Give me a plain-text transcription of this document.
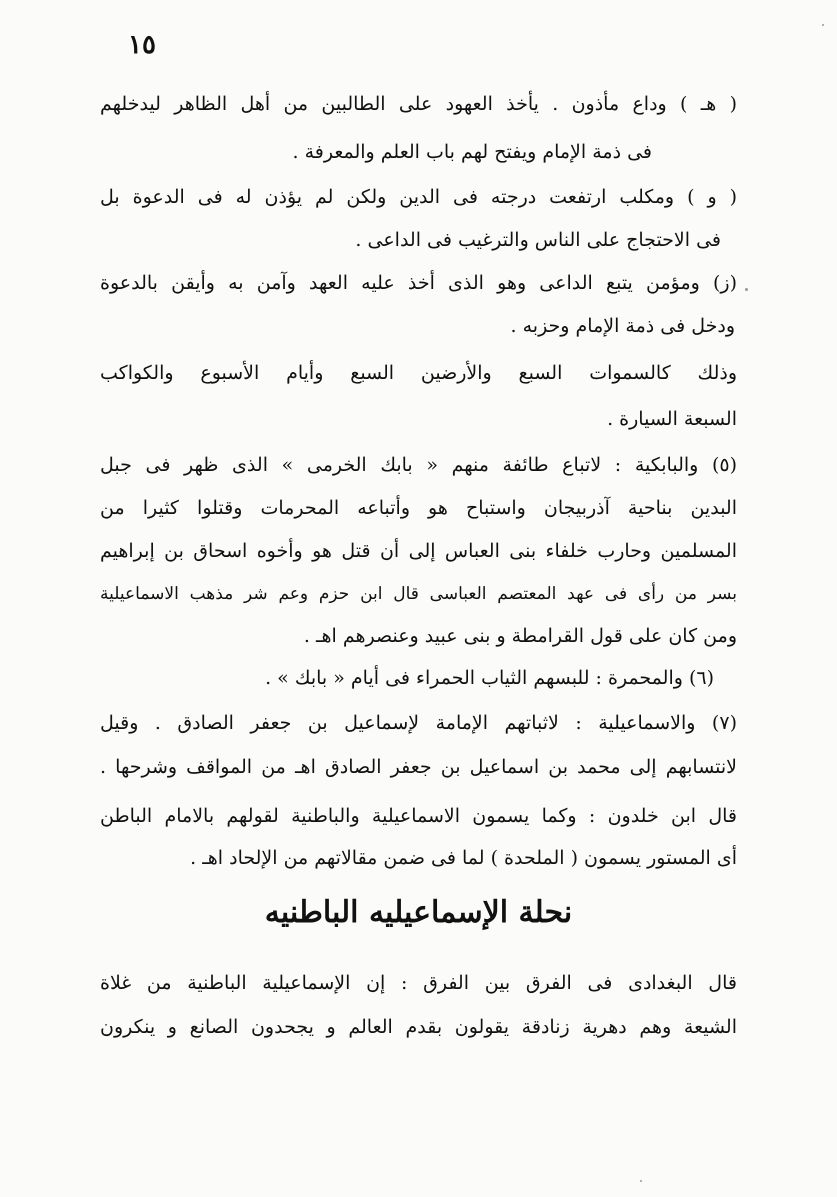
١٥
( هـ ) وداع مأذون . يأخذ العهود على الطالبين من أهل الظاهر ليدخلهم
فى ذمة الإمام ويفتح لهم باب العلم والمعرفة .
( و ) ومكلب ارتفعت درجته فى الدين ولكن لم يؤذن له فى الدعوة بل
فى الاحتجاج على الناس والترغيب فى الداعى .
(ز) ومؤمن يتبع الداعى وهو الذى أخذ عليه العهد وآمن به وأيقن بالدعوة
ودخل فى ذمة الإمام وحزبه .
وذلك كالسموات السبع والأرضين السبع وأيام الأسبوع والكواكب
السبعة السيارة .
(٥) والبابكية : لاتباع طائفة منهم « بابك الخرمى » الذى ظهر فى جبل
البدين بناحية آذربيجان واستباح هو وأتباعه المحرمات وقتلوا كثيرا من
المسلمين وحارب خلفاء بنى العباس إلى أن قتل هو وأخوه اسحاق بن إبراهيم
بسر من رأى فى عهد المعتصم العباسى قال ابن حزم وعم شر مذهب الاسماعيلية
ومن كان على قول القرامطة و بنى عبيد وعنصرهم اهـ .
(٦) والمحمرة : للبسهم الثياب الحمراء فى أيام « بابك » .
(٧) والاسماعيلية : لاثباتهم الإمامة لإسماعيل بن جعفر الصادق . وقيل
لانتسابهم إلى محمد بن اسماعيل بن جعفر الصادق اهـ من المواقف وشرحها .
قال ابن خلدون : وكما يسمون الاسماعيلية والباطنية لقولهم بالامام الباطن
أى المستور يسمون ( الملحدة ) لما فى ضمن مقالاتهم من الإلحاد اهـ .
نحلة الإسماعيليه الباطنيه
قال البغدادى فى الفرق بين الفرق : إن الإسماعيلية الباطنية من غلاة
الشيعة وهم دهرية زنادقة يقولون بقدم العالم و يجحدون الصانع و ينكرون
